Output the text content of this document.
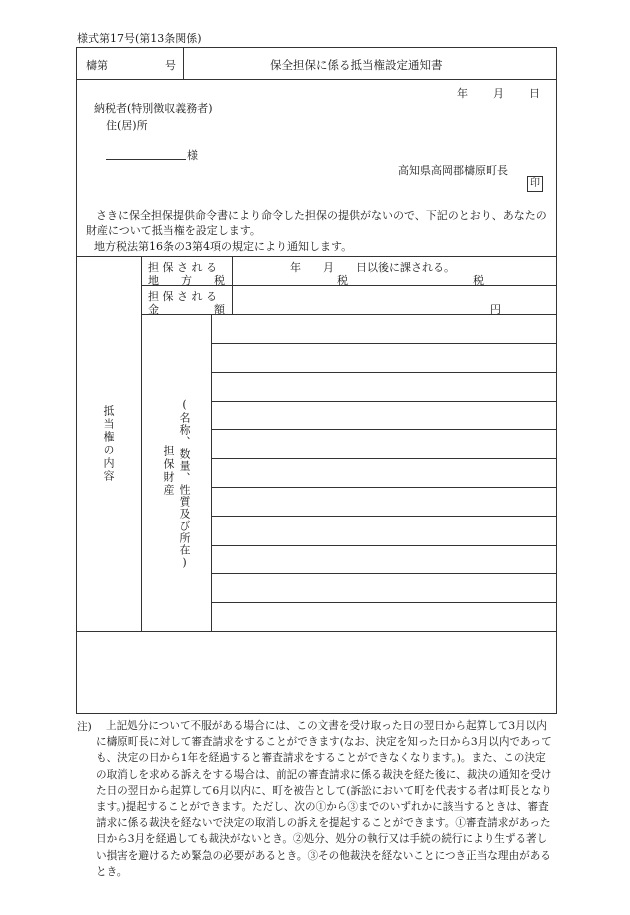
様式第17号(第13条関係)
檮第	号	保全担保に係る抵当権設定通知書
年 月 日
納税者(特別徴収義務者)
住(居)所
様
高知県高岡郡檮原町長
印
さきに保全担保提供命令書により命令した担保の提供がないので、下記のとおり、あなたの財産について抵当権を設定します。
地方税法第16条の3第4項の規定により通知します。
抵当権の内容
担 保 さ れ る
地　　方　　税
年　　月　　日以後に課される。
税	税
担 保 さ れ る
金　　　　　額	円
(名称、数量、性質及び所在)
担保財産
注)	上記処分について不服がある場合には、この文書を受け取った日の翌日から起算して3月以内に檮原町長に対して審査請求をすることができます(なお、決定を知った日から3月以内であっても、決定の日から1年を経過すると審査請求をすることができなくなります。)。また、この決定の取消しを求める訴えをする場合は、前記の審査請求に係る裁決を経た後に、裁決の通知を受けた日の翌日から起算して6月以内に、町を被告として(訴訟において町を代表する者は町長となります。)提起することができます。ただし、次の①から③までのいずれかに該当するときは、審査請求に係る裁決を経ないで決定の取消しの訴えを提起することができます。①審査請求があった日から3月を経過しても裁決がないとき。②処分、処分の執行又は手続の続行により生ずる著しい損害を避けるため緊急の必要があるとき。③その他裁決を経ないことにつき正当な理由があるとき。
